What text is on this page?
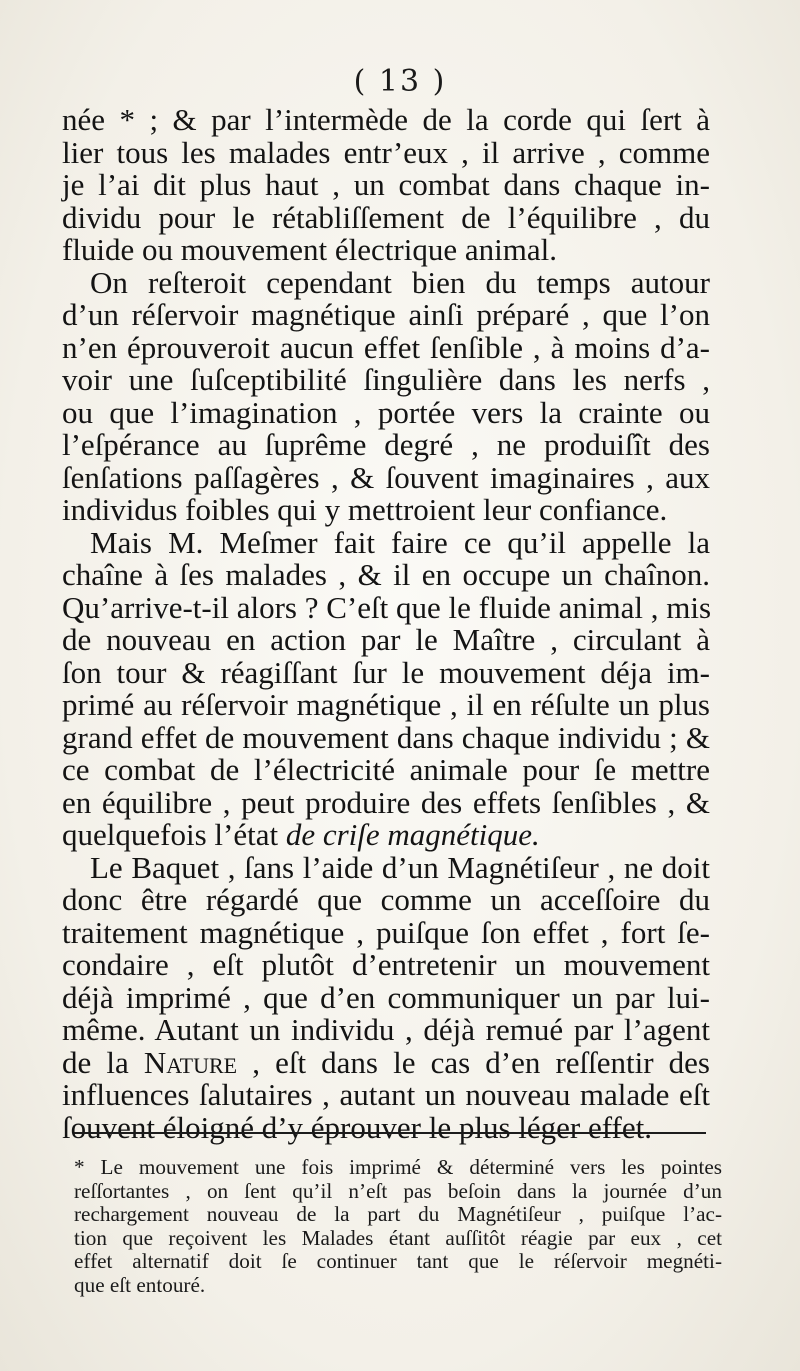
( 13 )
née * ; & par l’intermède de la corde qui ſert à
lier tous les malades entr’eux , il arrive , comme
je l’ai dit plus haut , un combat dans chaque in-
dividu pour le rétabliſſement de l’équilibre , du
fluide ou mouvement électrique animal.
On reſteroit cependant bien du temps autour
d’un réſervoir magnétique ainſi préparé , que l’on
n’en éprouveroit aucun effet ſenſible , à moins d’a-
voir une ſuſceptibilité ſingulière dans les nerfs ,
ou que l’imagination , portée vers la crainte ou
l’eſpérance au ſuprême degré , ne produiſît des
ſenſations paſſagères , & ſouvent imaginaires , aux
individus foibles qui y mettroient leur confiance.
Mais M. Meſmer fait faire ce qu’il appelle la
chaîne à ſes malades , & il en occupe un chaînon.
Qu’arrive-t-il alors ? C’eſt que le fluide animal , mis
de nouveau en action par le Maître , circulant à
ſon tour & réagiſſant ſur le mouvement déja im-
primé au réſervoir magnétique , il en réſulte un plus
grand effet de mouvement dans chaque individu ; &
ce combat de l’électricité animale pour ſe mettre
en équilibre , peut produire des effets ſenſibles , &
quelquefois l’état de criſe magnétique.
Le Baquet , ſans l’aide d’un Magnétiſeur , ne doit
donc être régardé que comme un acceſſoire du
traitement magnétique , puiſque ſon effet , fort ſe-
condaire , eſt plutôt d’entretenir un mouvement
déjà imprimé , que d’en communiquer un par lui-
même. Autant un individu , déjà remué par l’agent
de la Nature , eſt dans le cas d’en reſſentir des
influences ſalutaires , autant un nouveau malade eſt
ſouvent éloigné d’y éprouver le plus léger effet.
* Le mouvement une fois imprimé & déterminé vers les pointes
reſſortantes , on ſent qu’il n’eſt pas beſoin dans la journée d’un
rechargement nouveau de la part du Magnétiſeur , puiſque l’ac-
tion que reçoivent les Malades étant auſſitôt réagie par eux , cet
effet alternatif doit ſe continuer tant que le réſervoir megnéti-
que eſt entouré.
